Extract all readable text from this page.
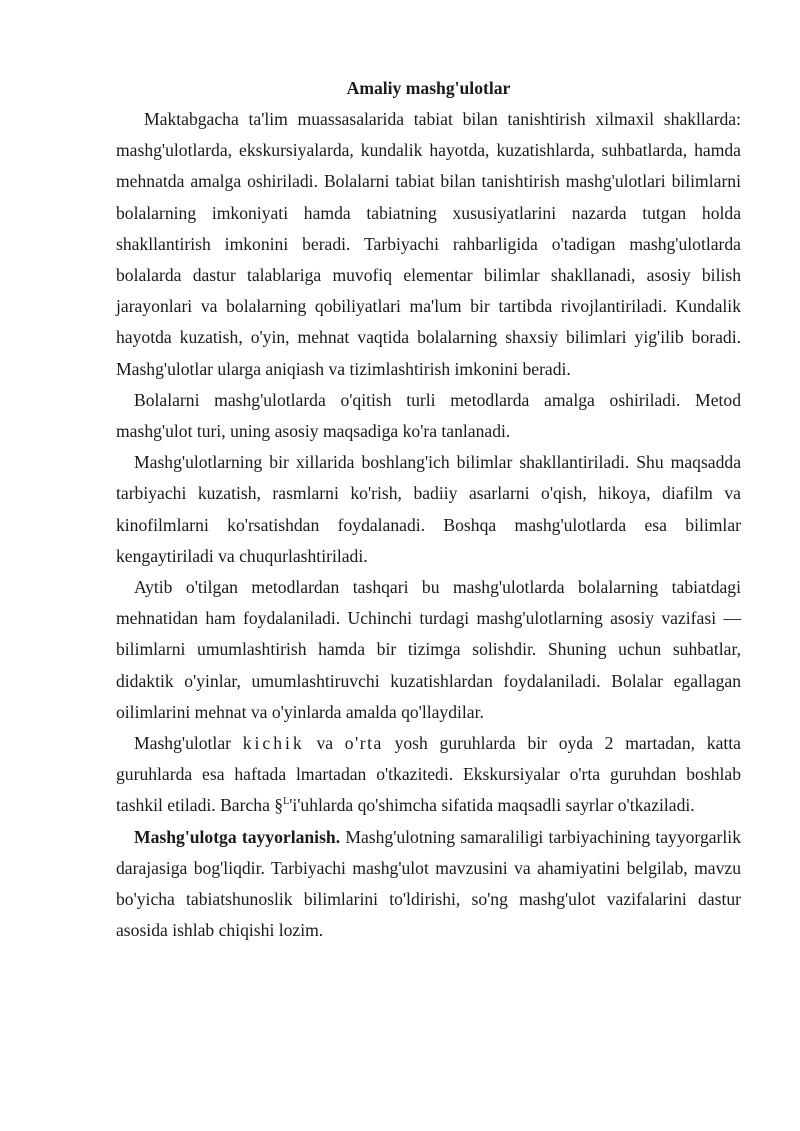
Amaliy mashg'ulotlar

Maktabgacha ta'lim muassasalarida tabiat bilan tanishtirish xilmaxil shakllarda: mashg'ulotlarda, ekskursiyalarda, kundalik hayotda, kuzatishlarda, suhbatlarda, hamda mehnatda amalga oshiriladi. Bolalarni tabiat bilan tanishtirish mashg'ulotlari bilimlarni bolalarning imkoniyati hamda tabiatning xususiyatlarini nazarda tutgan holda shakllantirish imkonini beradi. Tarbiyachi rahbarligida o'tadigan mashg'ulotlarda bolalarda dastur talablariga muvofiq elementar bilimlar shakllanadi, asosiy bilish jarayonlari va bolalarning qobiliyatlari ma'lum bir tartibda rivojlantiriladi. Kundalik hayotda kuzatish, o'yin, mehnat vaqtida bolalarning shaxsiy bilimlari yig'ilib boradi. Mashg'ulotlar ularga aniqiash va tizimlashtirish imkonini beradi.

Bolalarni mashg'ulotlarda o'qitish turli metodlarda amalga oshiriladi. Metod mashg'ulot turi, uning asosiy maqsadiga ko'ra tanlanadi.

Mashg'ulotlarning bir xillarida boshlang'ich bilimlar shakllantiriladi. Shu maqsadda tarbiyachi kuzatish, rasmlarni ko'rish, badiiy asarlarni o'qish, hikoya, diafilm va kinofilmlarni ko'rsatishdan foydalanadi. Boshqa mashg'ulotlarda esa bilimlar kengaytiriladi va chuqurlashtiriladi.

Aytib o'tilgan metodlardan tashqari bu mashg'ulotlarda bolalarning tabiatdagi mehnatidan ham foydalaniladi. Uchinchi turdagi mashg'ulotlarning asosiy vazifasi — bilimlarni umumlashtirish hamda bir tizimga solishdir. Shuning uchun suhbatlar, didaktik o'yinlar, umumlashtiruvchi kuzatishlardan foydalaniladi. Bolalar egallagan oilimlarini mehnat va o'yinlarda amalda qo'llaydilar.

Mashg'ulotlar kichik va o'rta yosh guruhlarda bir oyda 2 martadan, katta guruhlarda esa haftada lmartadan o'tkazitedi. Ekskursiyalar o'rta guruhdan boshlab tashkil etiladi. Barcha §$^L$'i'uhlarda qo'shimcha sifatida maqsadli sayrlar o'tkaziladi.

Mashg'ulotga tayyorlanish. Mashg'ulotning samaraliligi tarbiyachining tayyorgarlik darajasiga bog'liqdir. Tarbiyachi mashg'ulot mavzusini va ahamiyatini belgilab, mavzu bo'yicha tabiatshunoslik bilimlarini to'ldirishi, so'ng mashg'ulot vazifalarini dastur asosida ishlab chiqishi lozim.
